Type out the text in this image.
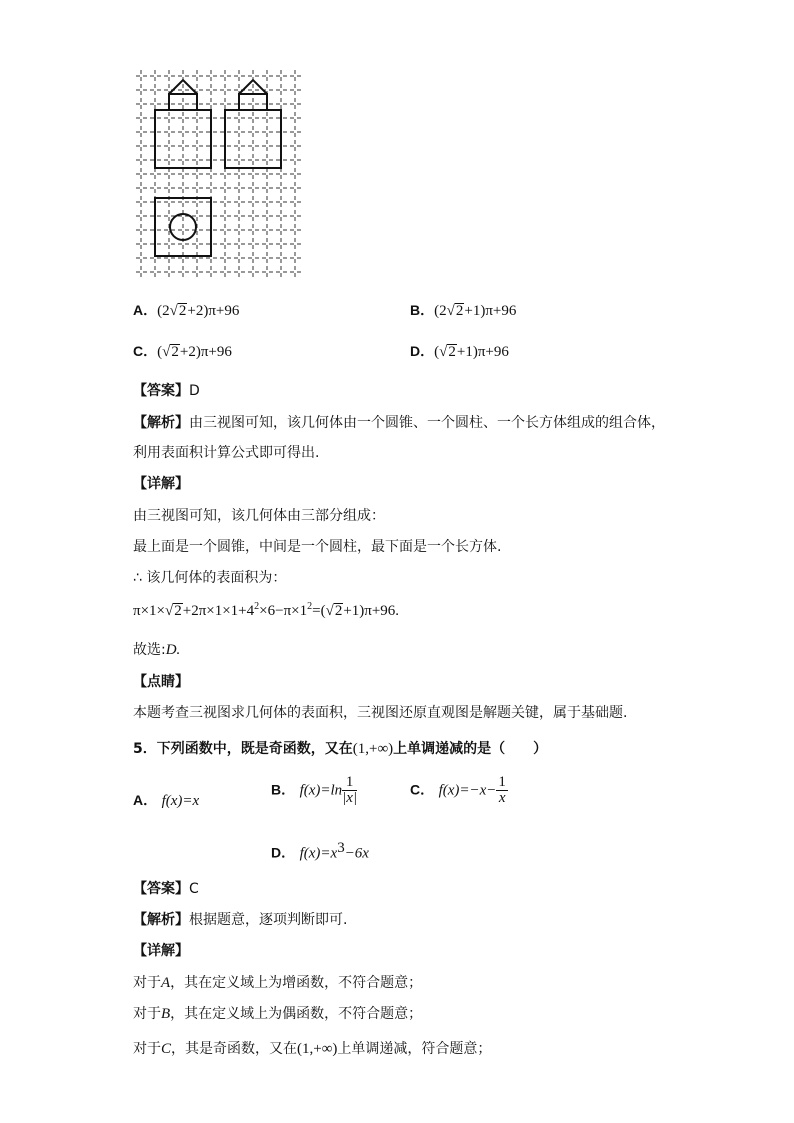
A．(2√2+2)π+96	B．(2√2+1)π+96
C．(√2+2)π+96	D．(√2+1)π+96
【答案】D
【解析】由三视图可知，该几何体由一个圆锥、一个圆柱、一个长方体组成的组合体，
利用表面积计算公式即可得出.
【详解】
由三视图可知，该几何体由三部分组成：
最上面是一个圆锥，中间是一个圆柱，最下面是一个长方体.
∴ 该几何体的表面积为：
$\pi\times 1\times√2+2\pi\times 1\times 1+4^2\times 6-\pi\times 1^2=(√2+1)\pi+96$.
故选:D.
【点睛】
本题考查三视图求几何体的表面积，三视图还原直观图是解题关键，属于基础题.
5．下列函数中，既是奇函数，又在(1,+∞)上单调递减的是（　　）
A． f(x)=x
B． $f(x)=\ln \frac{1}{|x|}$	C． $f(x)=-x- \frac{1}{x}$
D． $f(x)=x^3-6x$
【答案】C
【解析】根据题意，逐项判断即可.
【详解】
对于A，其在定义域上为增函数，不符合题意；
对于B，其在定义域上为偶函数，不符合题意；
对于C，其是奇函数，又在(1,+∞)上单调递减，符合题意；
